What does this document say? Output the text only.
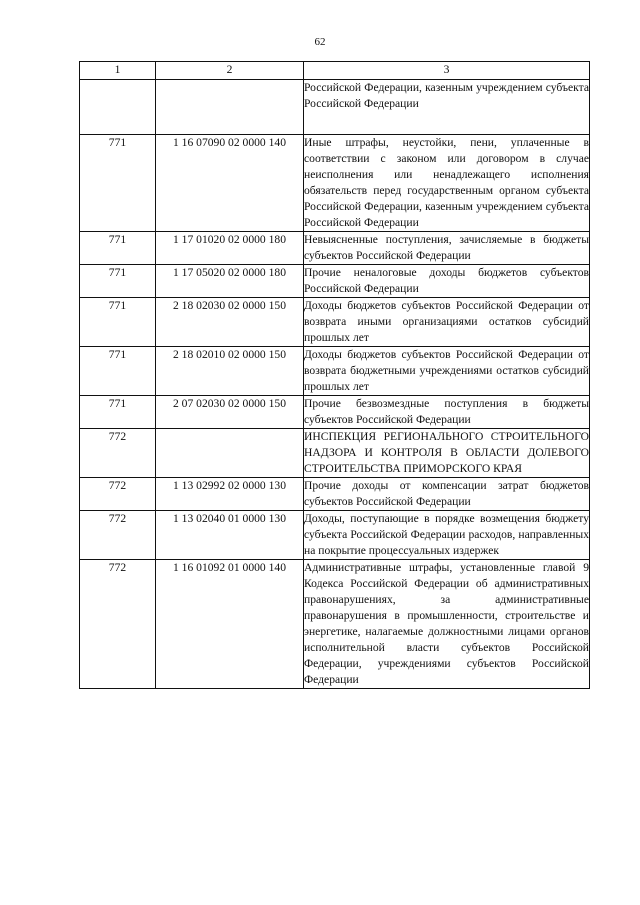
62
1	2	3
		Российской Федерации, казенным учреждением субъекта Российской Федерации
771	1 16 07090 02 0000 140	Иные штрафы, неустойки, пени, уплаченные в соответствии с законом или договором в случае неисполнения или ненадлежащего исполнения обязательств перед государственным органом субъекта Российской Федерации, казенным учреждением субъекта Российской Федерации
771	1 17 01020 02 0000 180	Невыясненные поступления, зачисляемые в бюджеты субъектов Российской Федерации
771	1 17 05020 02 0000 180	Прочие неналоговые доходы бюджетов субъектов Российской Федерации
771	2 18 02030 02 0000 150	Доходы бюджетов субъектов Российской Федерации от возврата иными организациями остатков субсидий прошлых лет
771	2 18 02010 02 0000 150	Доходы бюджетов субъектов Российской Федерации от возврата бюджетными учреждениями остатков субсидий прошлых лет
771	2 07 02030 02 0000 150	Прочие безвозмездные поступления в бюджеты субъектов Российской Федерации
772		ИНСПЕКЦИЯ РЕГИОНАЛЬНОГО СТРОИТЕЛЬНОГО НАДЗОРА И КОНТРОЛЯ В ОБЛАСТИ ДОЛЕВОГО СТРОИТЕЛЬСТВА ПРИМОРСКОГО КРАЯ
772	1 13 02992 02 0000 130	Прочие доходы от компенсации затрат бюджетов субъектов Российской Федерации
772	1 13 02040 01 0000 130	Доходы, поступающие в порядке возмещения бюджету субъекта Российской Федерации расходов, направленных на покрытие процессуальных издержек
772	1 16 01092 01 0000 140	Административные штрафы, установленные главой 9 Кодекса Российской Федерации об административных правонарушениях, за административные правонарушения в промышленности, строительстве и энергетике, налагаемые должностными лицами органов исполнительной власти субъектов Российской Федерации, учреждениями субъектов Российской Федерации
